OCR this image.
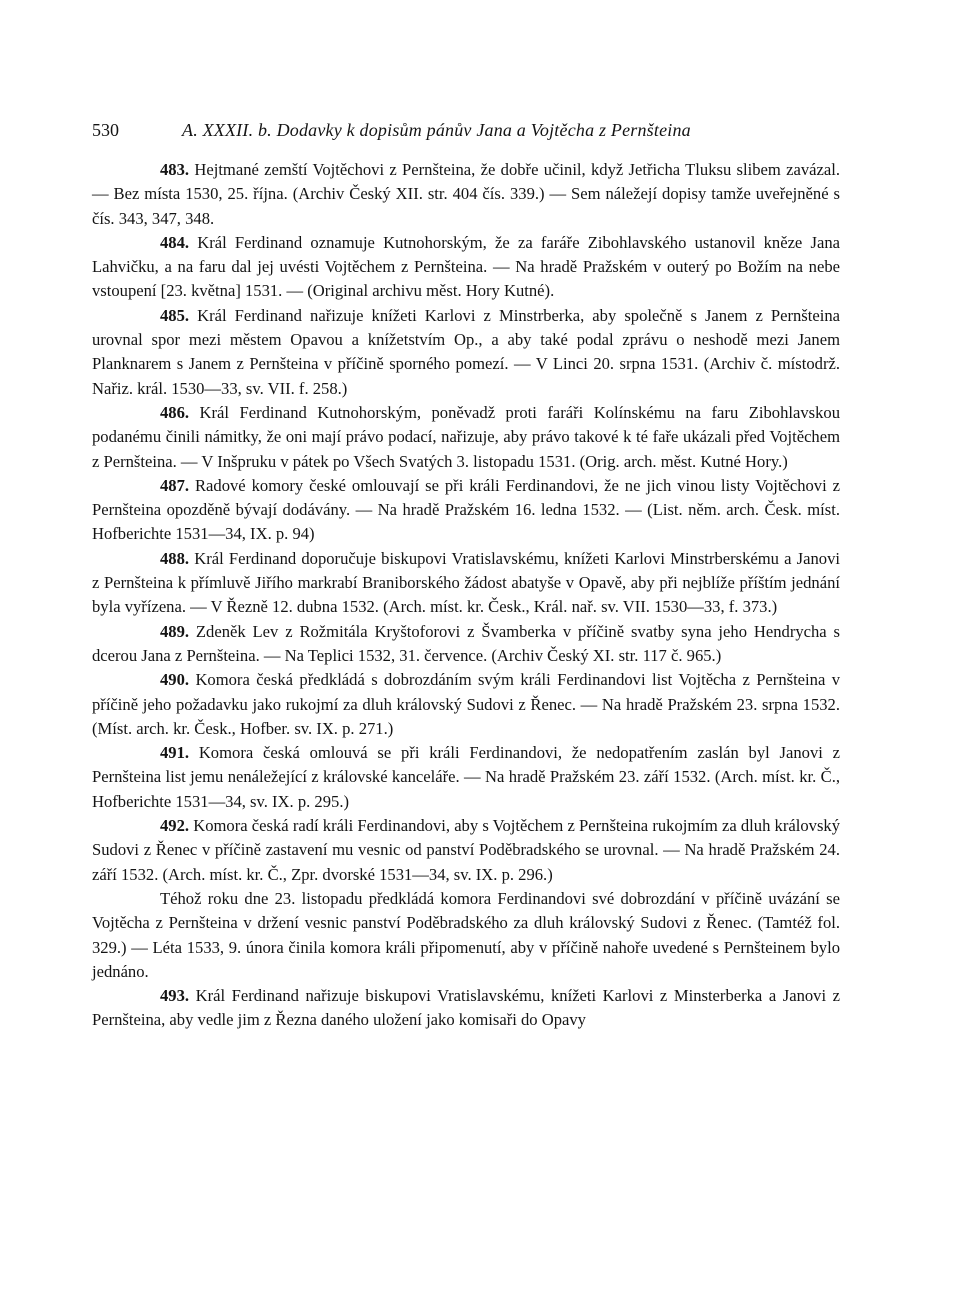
530	A. XXXII. b. Dodavky k dopisům pánův Jana a Vojtěcha z Pernšteina

483. Hejtmané zemští Vojtěchovi z Pernšteina, že dobře učinil, když Jetřicha Tluksu slibem zavázal. — Bez místa 1530, 25. října. (Archiv Český XII. str. 404 čís. 339.) — Sem náležejí dopisy tamže uveřejněné s čís. 343, 347, 348.

484. Král Ferdinand oznamuje Kutnohorským, že za faráře Zibohlavského ustanovil kněze Jana Lahvičku, a na faru dal jej uvésti Vojtěchem z Pernšteina. — Na hradě Pražském v outerý po Božím na nebe vstoupení [23. května] 1531. — (Original archivu měst. Hory Kutné).

485. Král Ferdinand nařizuje knížeti Karlovi z Minstrberka, aby společně s Janem z Pernšteina urovnal spor mezi městem Opavou a knížetstvím Op., a aby také podal zprávu o neshodě mezi Janem Planknarem s Janem z Pernšteina v příčině sporného pomezí. — V Linci 20. srpna 1531. (Archiv č. místodrž. Nařiz. král. 1530—33, sv. VII. f. 258.)

486. Král Ferdinand Kutnohorským, poněvadž proti faráři Kolínskému na faru Zibohlavskou podanému činili námitky, že oni mají právo podací, nařizuje, aby právo takové k té faře ukázali před Vojtěchem z Pernšteina. — V Inšpruku v pátek po Všech Svatých 3. listopadu 1531. (Orig. arch. měst. Kutné Hory.)

487. Radové komory české omlouvají se při králi Ferdinandovi, že ne jich vinou listy Vojtěchovi z Pernšteina opozděně bývají dodávány. — Na hradě Pražském 16. ledna 1532. — (List. něm. arch. Česk. míst. Hofberichte 1531—34, IX. p. 94)

488. Král Ferdinand doporučuje biskupovi Vratislavskému, knížeti Karlovi Minstrberskému a Janovi z Pernšteina k přímluvě Jiřího markrabí Braniborského žádost abatyše v Opavě, aby při nejblíže příštím jednání byla vyřízena. — V Řezně 12. dubna 1532. (Arch. míst. kr. Česk., Král. nař. sv. VII. 1530—33, f. 373.)

489. Zdeněk Lev z Rožmitála Kryštoforovi z Švamberka v příčině svatby syna jeho Hendrycha s dcerou Jana z Pernšteina. — Na Teplici 1532, 31. července. (Archiv Český XI. str. 117 č. 965.)

490. Komora česká předkládá s dobrozdáním svým králi Ferdinandovi list Vojtěcha z Pernšteina v příčině jeho požadavku jako rukojmí za dluh královský Sudovi z Řenec. — Na hradě Pražském 23. srpna 1532. (Míst. arch. kr. Česk., Hofber. sv. IX. p. 271.)

491. Komora česká omlouvá se při králi Ferdinandovi, že nedopatřením zaslán byl Janovi z Pernšteina list jemu nenáležející z královské kanceláře. — Na hradě Pražském 23. září 1532. (Arch. míst. kr. Č., Hofberichte 1531—34, sv. IX. p. 295.)

492. Komora česká radí králi Ferdinandovi, aby s Vojtěchem z Pernšteina rukojmím za dluh královský Sudovi z Řenec v příčině zastavení mu vesnic od panství Poděbradského se urovnal. — Na hradě Pražském 24. září 1532. (Arch. míst. kr. Č., Zpr. dvorské 1531—34, sv. IX. p. 296.)

Téhož roku dne 23. listopadu předkládá komora Ferdinandovi své dobrozdání v příčině uvázání se Vojtěcha z Pernšteina v držení vesnic panství Poděbradského za dluh královský Sudovi z Řenec. (Tamtéž fol. 329.) — Léta 1533, 9. února činila komora králi připomenutí, aby v příčině nahoře uvedené s Pernšteinem bylo jednáno.

493. Král Ferdinand nařizuje biskupovi Vratislavskému, knížeti Karlovi z Minsterberka a Janovi z Pernšteina, aby vedle jim z Řezna daného uložení jako komisaři do Opavy
